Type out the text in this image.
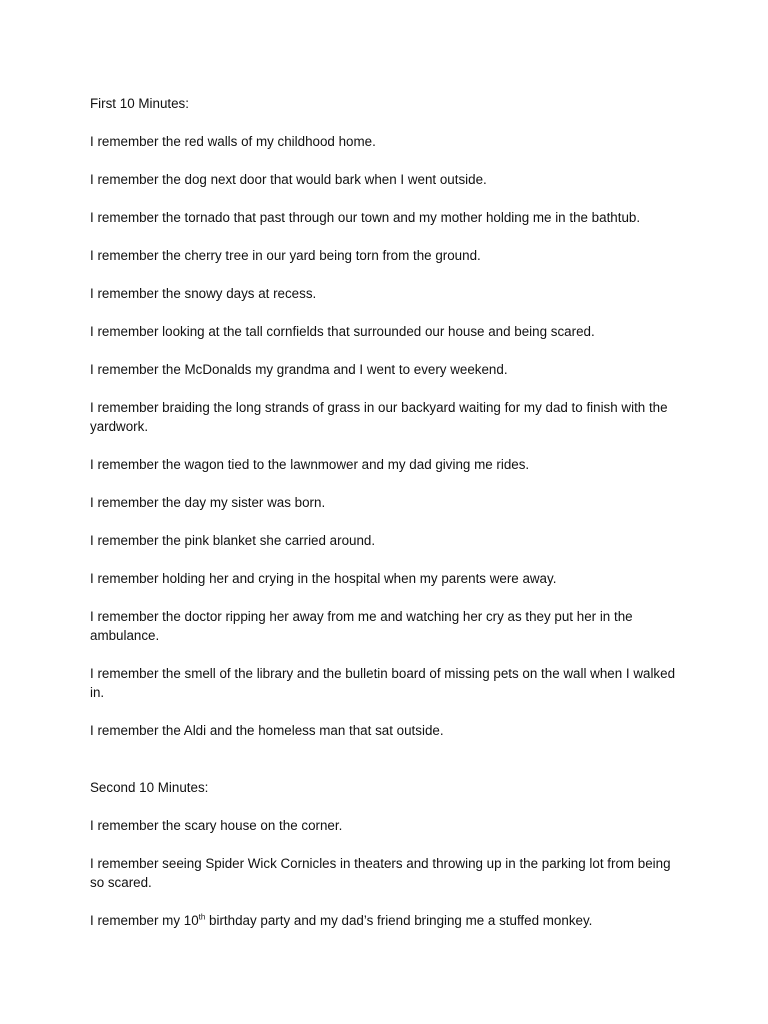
First 10 Minutes:

I remember the red walls of my childhood home.

I remember the dog next door that would bark when I went outside.

I remember the tornado that past through our town and my mother holding me in the bathtub.

I remember the cherry tree in our yard being torn from the ground.

I remember the snowy days at recess.

I remember looking at the tall cornfields that surrounded our house and being scared.

I remember the McDonalds my grandma and I went to every weekend.

I remember braiding the long strands of grass in our backyard waiting for my dad to finish with the yardwork.

I remember the wagon tied to the lawnmower and my dad giving me rides.

I remember the day my sister was born.

I remember the pink blanket she carried around.

I remember holding her and crying in the hospital when my parents were away.

I remember the doctor ripping her away from me and watching her cry as they put her in the ambulance.

I remember the smell of the library and the bulletin board of missing pets on the wall when I walked in.

I remember the Aldi and the homeless man that sat outside.

Second 10 Minutes:

I remember the scary house on the corner.

I remember seeing Spider Wick Cornicles in theaters and throwing up in the parking lot from being so scared.

I remember my 10th birthday party and my dad’s friend bringing me a stuffed monkey.
